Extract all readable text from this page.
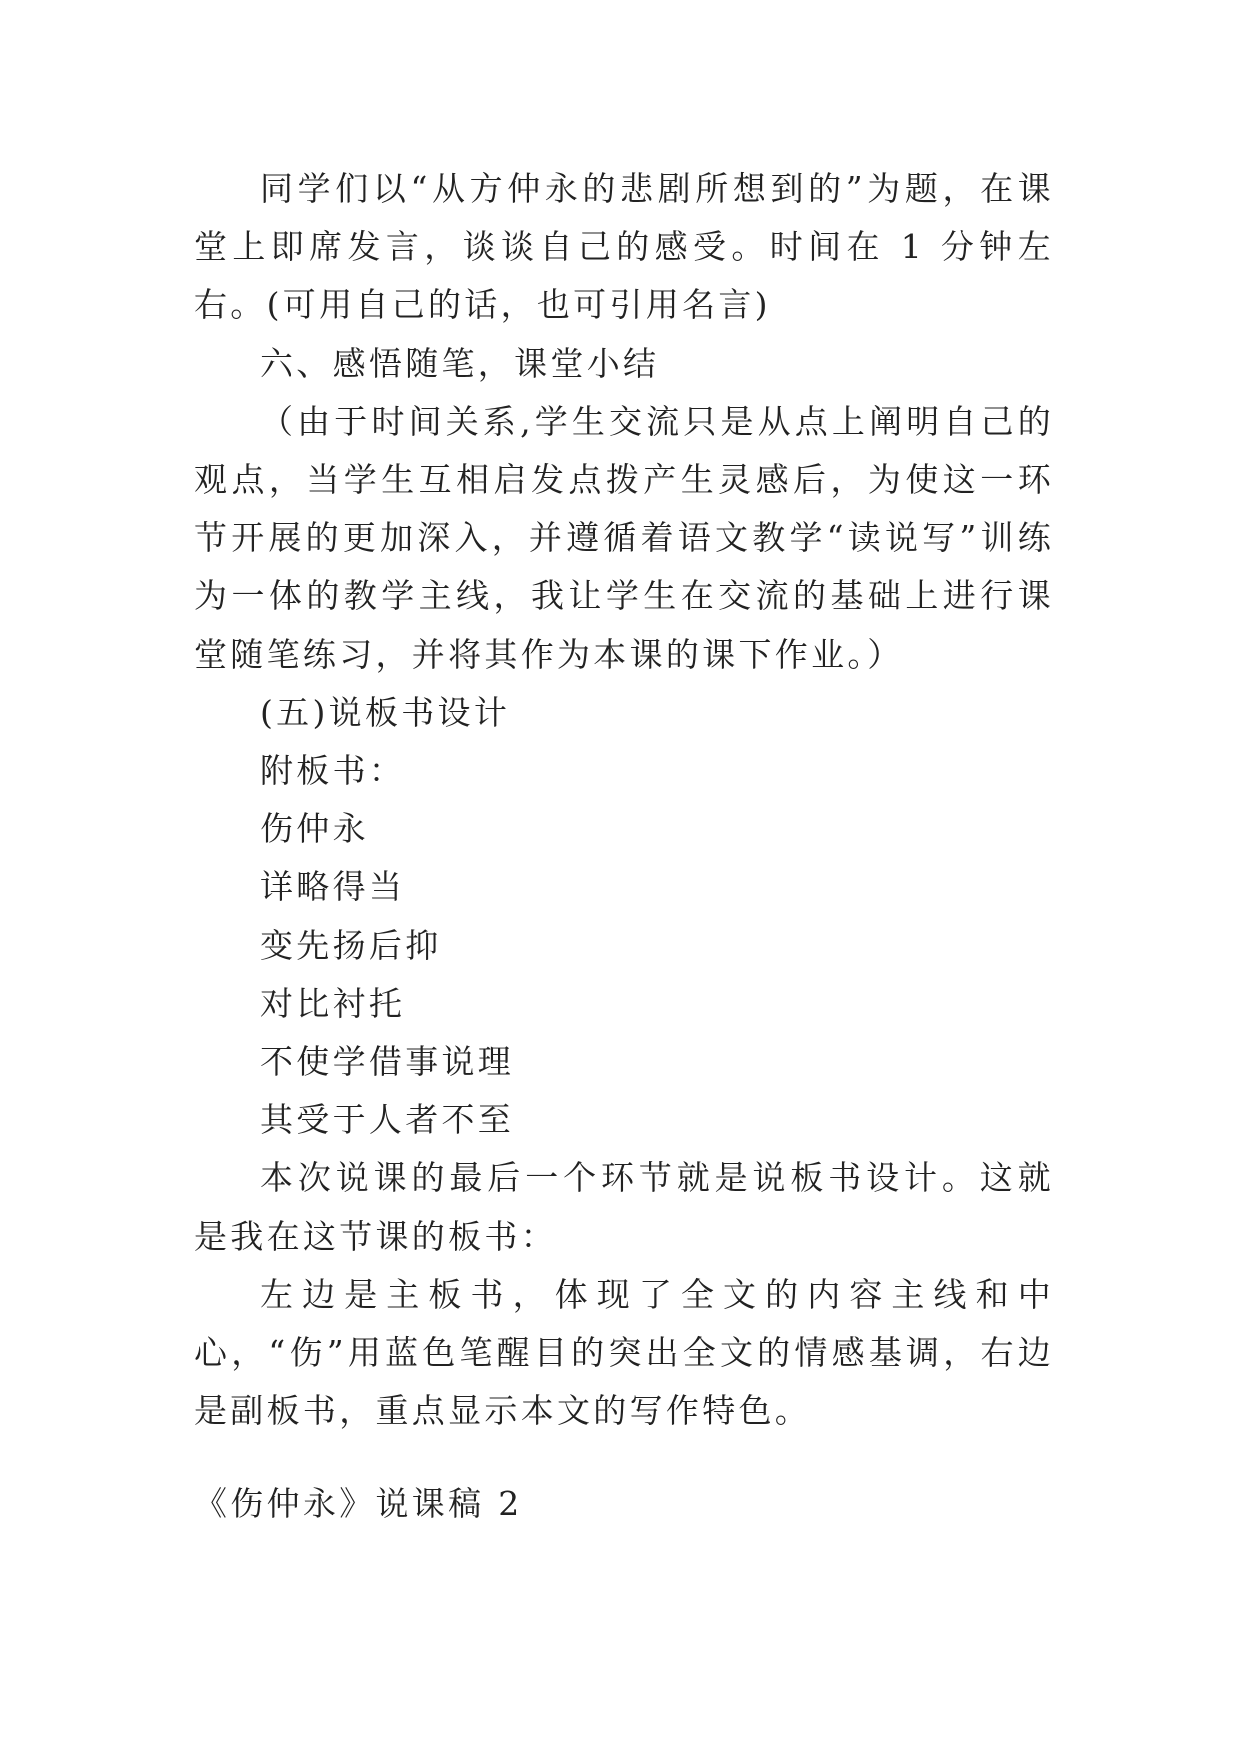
同学们以“从方仲永的悲剧所想到的”为题，在课堂上即席发言，谈谈自己的感受。时间在 1 分钟左右。(可用自己的话，也可引用名言)

六、感悟随笔，课堂小结

（由于时间关系,学生交流只是从点上阐明自己的观点，当学生互相启发点拨产生灵感后，为使这一环节开展的更加深入，并遵循着语文教学“读说写”训练为一体的教学主线，我让学生在交流的基础上进行课堂随笔练习，并将其作为本课的课下作业。）

(五)说板书设计

附板书：

伤仲永

详略得当

变先扬后抑

对比衬托

不使学借事说理

其受于人者不至

本次说课的最后一个环节就是说板书设计。这就是我在这节课的板书：

左边是主板书，体现了全文的内容主线和中心，“伤”用蓝色笔醒目的突出全文的情感基调，右边是副板书，重点显示本文的写作特色。

《伤仲永》说课稿 2
